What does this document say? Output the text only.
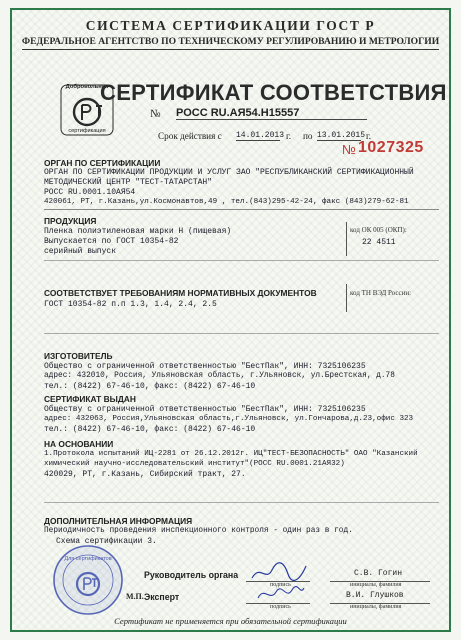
СИСТЕМА СЕРТИФИКАЦИИ ГОСТ Р
ФЕДЕРАЛЬНОЕ АГЕНТСТВО ПО ТЕХНИЧЕСКОМУ РЕГУЛИРОВАНИЮ И МЕТРОЛОГИИ
Добровольная
сертификация
СЕРТИФИКАТ СООТВЕТСТВИЯ
№ РОСС RU.АЯ54.Н15557
Срок действия с 14.01.2013 г. по 13.01.2015 г.
№ 1027325
ОРГАН ПО СЕРТИФИКАЦИИ
ОРГАН ПО СЕРТИФИКАЦИИ ПРОДУКЦИИ И УСЛУГ ЗАО "РЕСПУБЛИКАНСКИЙ СЕРТИФИКАЦИОННЫЙ
МЕТОДИЧЕСКИЙ ЦЕНТР "ТЕСТ-ТАТАРСТАН"
РОСС RU.0001.10АЯ54
420061, РТ, г.Казань,ул.Космонавтов,49 , тел.(843)295-42-24, факс (843)279-62-81
ПРОДУКЦИЯ
Пленка полиэтиленовая марки Н (пищевая)
Выпускается по ГОСТ 10354-82
серийный выпуск
код ОК 005 (ОКП):
22 4511
СООТВЕТСТВУЕТ ТРЕБОВАНИЯМ НОРМАТИВНЫХ ДОКУМЕНТОВ
ГОСТ 10354-82 п.п 1.3, 1.4, 2.4, 2.5
код ТН ВЭД России:
ИЗГОТОВИТЕЛЬ
Общество с ограниченной ответственностью "БестПак", ИНН: 7325106235
адрес: 432010, Россия, Ульяновская область, г.Ульяновск, ул.Брестская, д.78
тел.: (8422) 67-46-10, факс: (8422) 67-46-10
СЕРТИФИКАТ ВЫДАН
Обществу с ограниченной ответственностью "БестПак", ИНН: 7325106235
адрес: 432063, Россия,Ульяновская область,г.Ульяновск, ул.Гончарова,д.23,офис 323
тел.: (8422) 67-46-10, факс: (8422) 67-46-10
НА ОСНОВАНИИ
1.Протокола испытаний ИЦ-2281 от 26.12.2012г. ИЦ"ТЕСТ-БЕЗОПАСНОСТЬ" ОАО "Казанский
химический научно-исследовательский институт"(РОСС RU.0001.21АЯ32)
420029, РТ, г.Казань, Сибирский тракт, 27.
ДОПОЛНИТЕЛЬНАЯ ИНФОРМАЦИЯ
Периодичность проведения инспекционного контроля - один раз в год.
Схема сертификации 3.
Для сертификатов
М.П.
Руководитель органа
подпись
С.В. Гогин
инициалы, фамилия
Эксперт
подпись
В.И. Глушков
инициалы, фамилия
Сертификат не применяется при обязательной сертификации
